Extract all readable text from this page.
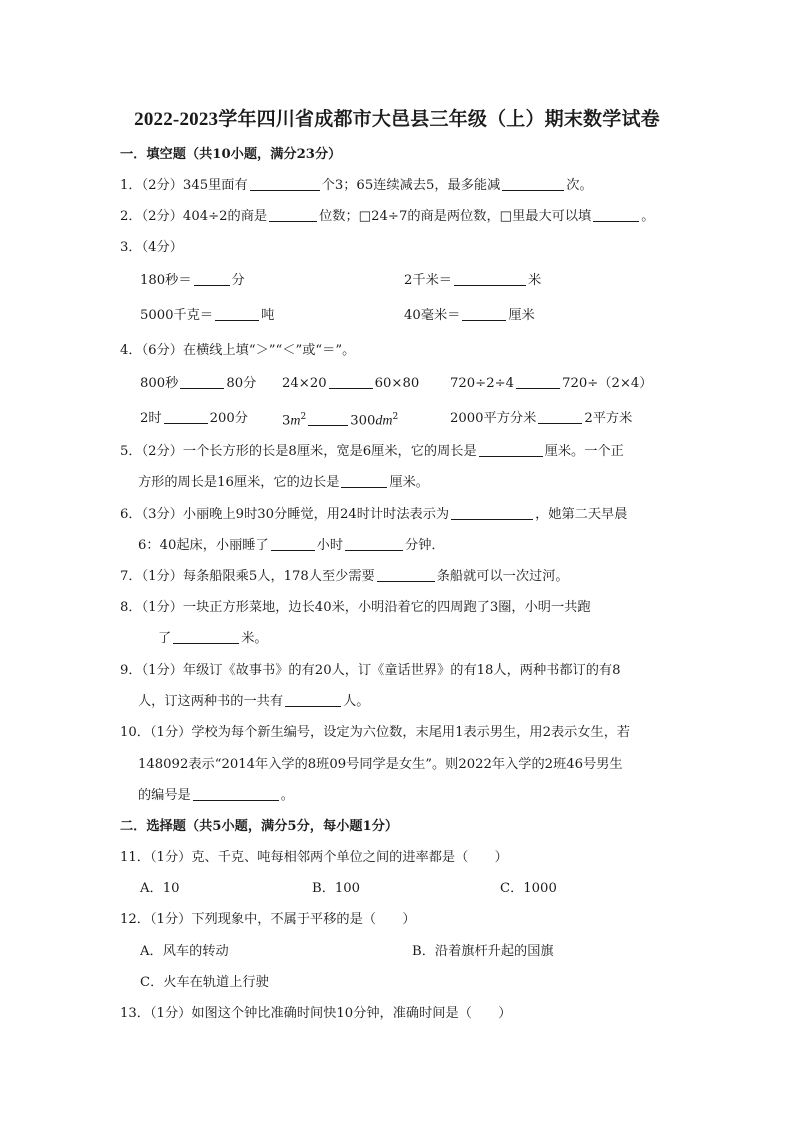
2022-2023学年四川省成都市大邑县三年级（上）期末数学试卷
一．填空题（共10小题，满分23分）
1．（2分）345里面有	个3；65连续减去5，最多能减	次。
2．（2分）404÷2的商是	位数；□24÷7的商是两位数，□里最大可以填	。
3．（4分）
180秒＝	分	2千米＝	米
5000千克＝	吨	40毫米＝	厘米
4．（6分）在横线上填“＞”“＜”或“＝”。
800秒	80分 24×20	60×80 720÷2÷4	720÷（2×4）
2时	200分	$3m^2$	$300dm^2$	2000平方分米	2平方米
5．（2分）一个长方形的长是8厘米，宽是6厘米，它的周长是	厘米。一个正
方形的周长是16厘米，它的边长是	厘米。
6．（3分）小丽晚上9时30分睡觉，用24时计时法表示为	，她第二天早晨
6：40起床，小丽睡了	小时	分钟．
7．（1分）每条船限乘5人，178人至少需要	条船就可以一次过河。
8．（1分）一块正方形菜地，边长40米，小明沿着它的四周跑了3圈，小明一共跑
了	米。
9．（1分）年级订《故事书》的有20人，订《童话世界》的有18人，两种书都订的有8
人，订这两种书的一共有	人。
10．（1分）学校为每个新生编号，设定为六位数，末尾用1表示男生，用2表示女生，若
148092表示“2014年入学的8班09号同学是女生”。则2022年入学的2班46号男生
的编号是	。
二．选择题（共5小题，满分5分，每小题1分）
11．（1分）克、千克、吨每相邻两个单位之间的进率都是（　　）
A．10	B．100	C．1000
12．（1分）下列现象中，不属于平移的是（　　）
A．风车的转动	B．沿着旗杆升起的国旗
C．火车在轨道上行驶
13．（1分）如图这个钟比准确时间快10分钟，准确时间是（　　）
